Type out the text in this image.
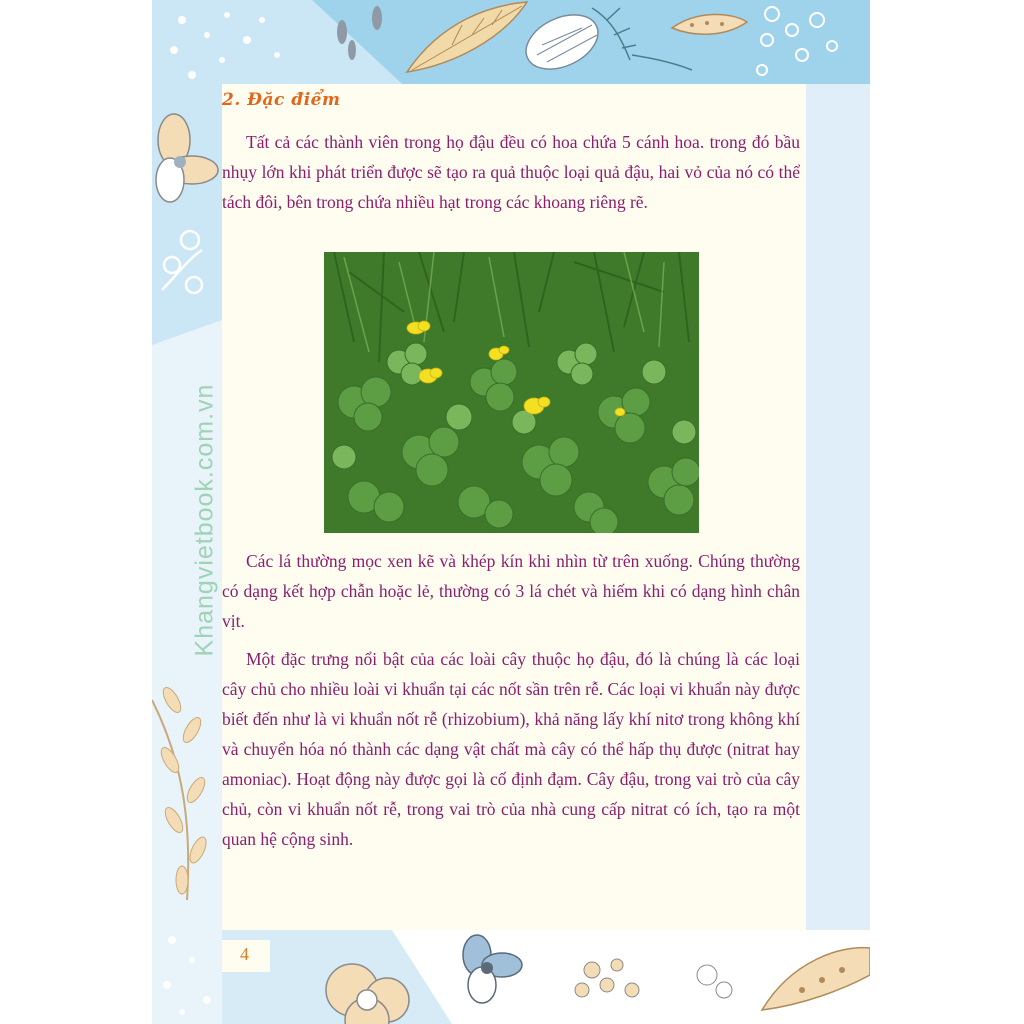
2. Đặc điểm

Tất cả các thành viên trong họ đậu đều có hoa chứa 5 cánh hoa. trong đó bầu nhụy lớn khi phát triển được sẽ tạo ra quả thuộc loại quả đậu, hai vỏ của nó có thể tách đôi, bên trong chứa nhiều hạt trong các khoang riêng rẽ.

Các lá thường mọc xen kẽ và khép kín khi nhìn từ trên xuống. Chúng thường có dạng kết hợp chẫn hoặc lẻ, thường có 3 lá chét và hiếm khi có dạng hình chân vịt.

Một đặc trưng nổi bật của các loài cây thuộc họ đậu, đó là chúng là các loại cây chủ cho nhiều loài vi khuẩn tại các nốt sần trên rễ. Các loại vi khuẩn này được biết đến như là vi khuẩn nốt rễ (rhizobium), khả năng lấy khí nitơ trong không khí và chuyển hóa nó thành các dạng vật chất mà cây có thể hấp thụ được (nitrat hay amoniac). Hoạt động này được gọi là cố định đạm. Cây đậu, trong vai trò của cây chủ, còn vi khuẩn nốt rễ, trong vai trò của nhà cung cấp nitrat có ích, tạo ra một quan hệ cộng sinh.

Khangvietbook.com.vn
4
